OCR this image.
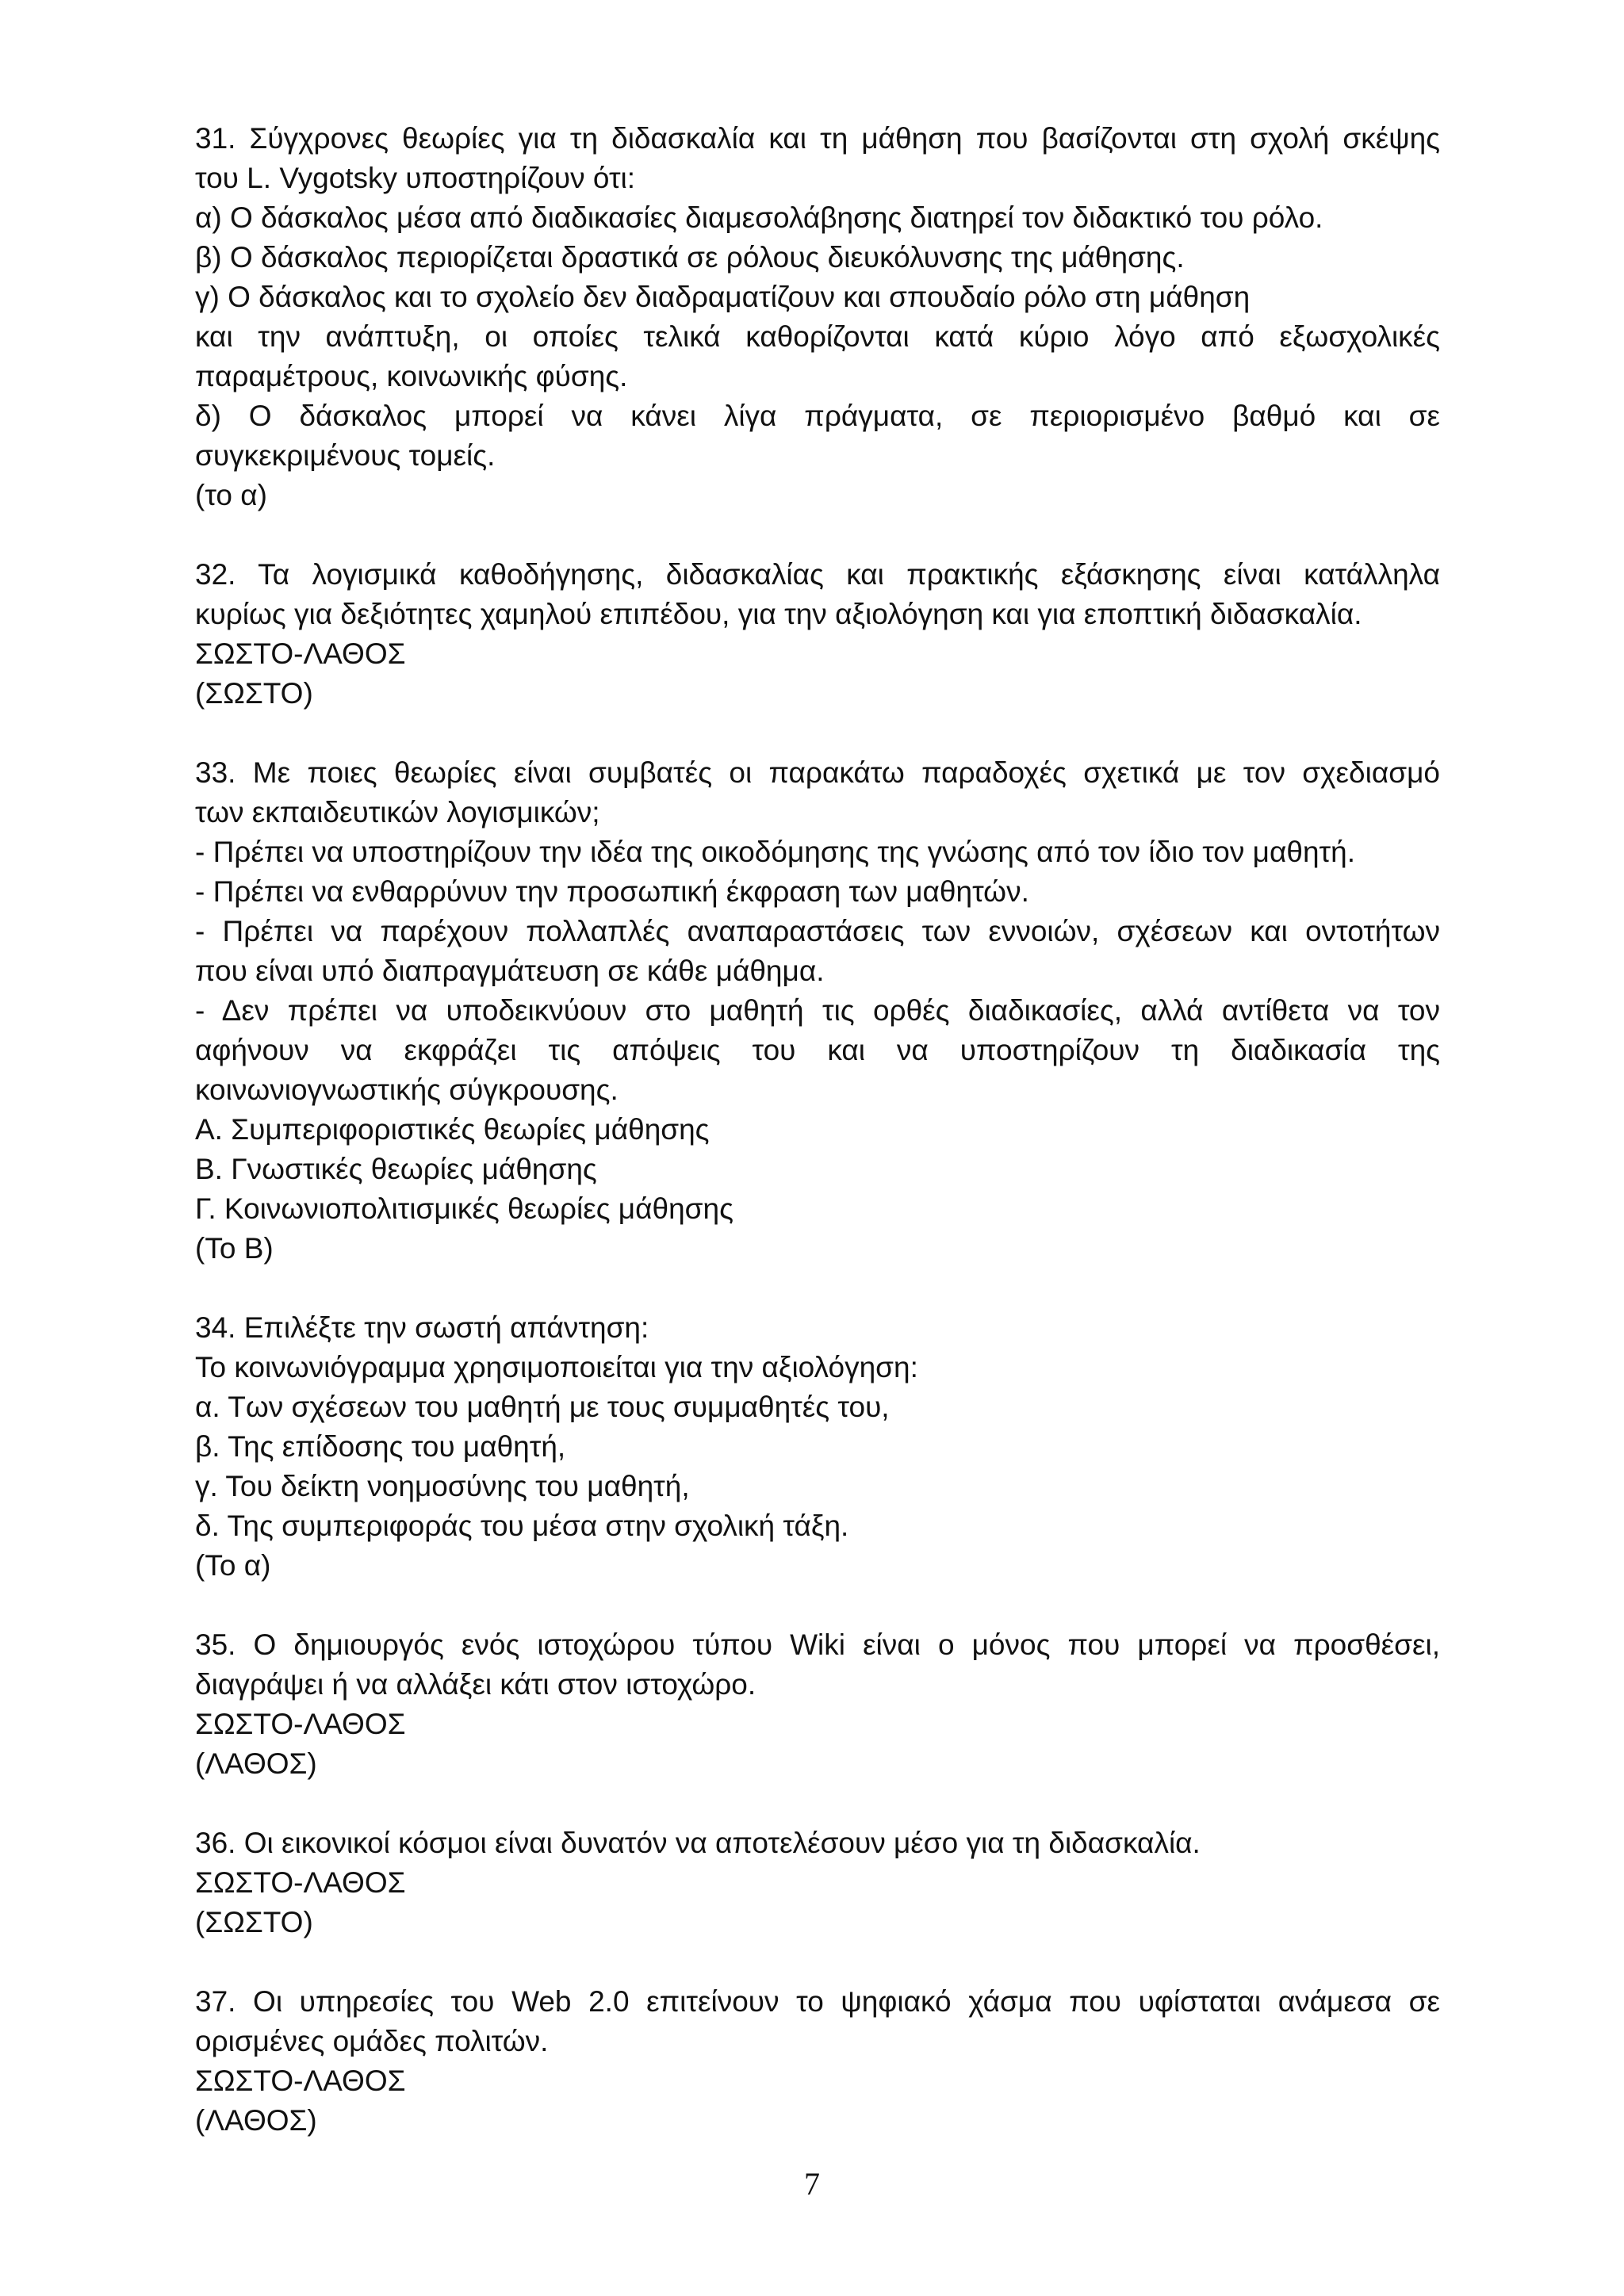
31. Σύγχρονες θεωρίες για τη διδασκαλία και τη μάθηση που βασίζονται στη σχολή σκέψης
του L. Vygotsky υποστηρίζουν ότι:
α) Ο δάσκαλος μέσα από διαδικασίες διαμεσολάβησης διατηρεί τον διδακτικό του ρόλο.
β) Ο δάσκαλος περιορίζεται δραστικά σε ρόλους διευκόλυνσης της μάθησης.
γ) Ο δάσκαλος και το σχολείο δεν διαδραματίζουν και σπουδαίο ρόλο στη μάθηση
και την ανάπτυξη, οι οποίες τελικά καθορίζονται κατά κύριο λόγο από εξωσχολικές
παραμέτρους, κοινωνικής φύσης.
δ) Ο δάσκαλος μπορεί να κάνει λίγα πράγματα, σε περιορισμένο βαθμό και σε
συγκεκριμένους τομείς.
(το α)
32. Τα λογισμικά καθοδήγησης, διδασκαλίας και πρακτικής εξάσκησης είναι κατάλληλα
κυρίως για δεξιότητες χαμηλού επιπέδου, για την αξιολόγηση και για εποπτική διδασκαλία.
ΣΩΣΤΟ-ΛΑΘΟΣ
(ΣΩΣΤΟ)
33. Με ποιες θεωρίες είναι συμβατές οι παρακάτω παραδοχές σχετικά με τον σχεδιασμό
των εκπαιδευτικών λογισμικών;
- Πρέπει να υποστηρίζουν την ιδέα της οικοδόμησης της γνώσης από τον ίδιο τον μαθητή.
- Πρέπει να ενθαρρύνυν την προσωπική έκφραση των μαθητών.
- Πρέπει να παρέχουν πολλαπλές αναπαραστάσεις των εννοιών, σχέσεων και οντοτήτων
που είναι υπό διαπραγμάτευση σε κάθε μάθημα.
- Δεν πρέπει να υποδεικνύουν στο μαθητή τις ορθές διαδικασίες, αλλά αντίθετα να τον
αφήνουν να εκφράζει τις απόψεις του και να υποστηρίζουν τη διαδικασία της
κοινωνιογνωστικής σύγκρουσης.
Α. Συμπεριφοριστικές θεωρίες μάθησης
Β. Γνωστικές θεωρίες μάθησης
Γ. Κοινωνιοπολιτισμικές θεωρίες μάθησης
(Το Β)
34. Επιλέξτε την σωστή απάντηση:
Το κοινωνιόγραμμα χρησιμοποιείται για την αξιολόγηση:
α. Των σχέσεων του μαθητή με τους συμμαθητές του,
β. Της επίδοσης του μαθητή,
γ. Του δείκτη νοημοσύνης του μαθητή,
δ. Της συμπεριφοράς του μέσα στην σχολική τάξη.
(Το α)
35. Ο δημιουργός ενός ιστοχώρου τύπου Wiki είναι ο μόνος που μπορεί να προσθέσει,
διαγράψει ή να αλλάξει κάτι στον ιστοχώρο.
ΣΩΣΤΟ-ΛΑΘΟΣ
(ΛΑΘΟΣ)
36. Οι εικονικοί κόσμοι είναι δυνατόν να αποτελέσουν μέσο για τη διδασκαλία.
ΣΩΣΤΟ-ΛΑΘΟΣ
(ΣΩΣΤΟ)
37. Οι υπηρεσίες του Web 2.0 επιτείνουν το ψηφιακό χάσμα που υφίσταται ανάμεσα σε
ορισμένες ομάδες πολιτών.
ΣΩΣΤΟ-ΛΑΘΟΣ
(ΛΑΘΟΣ)
7
